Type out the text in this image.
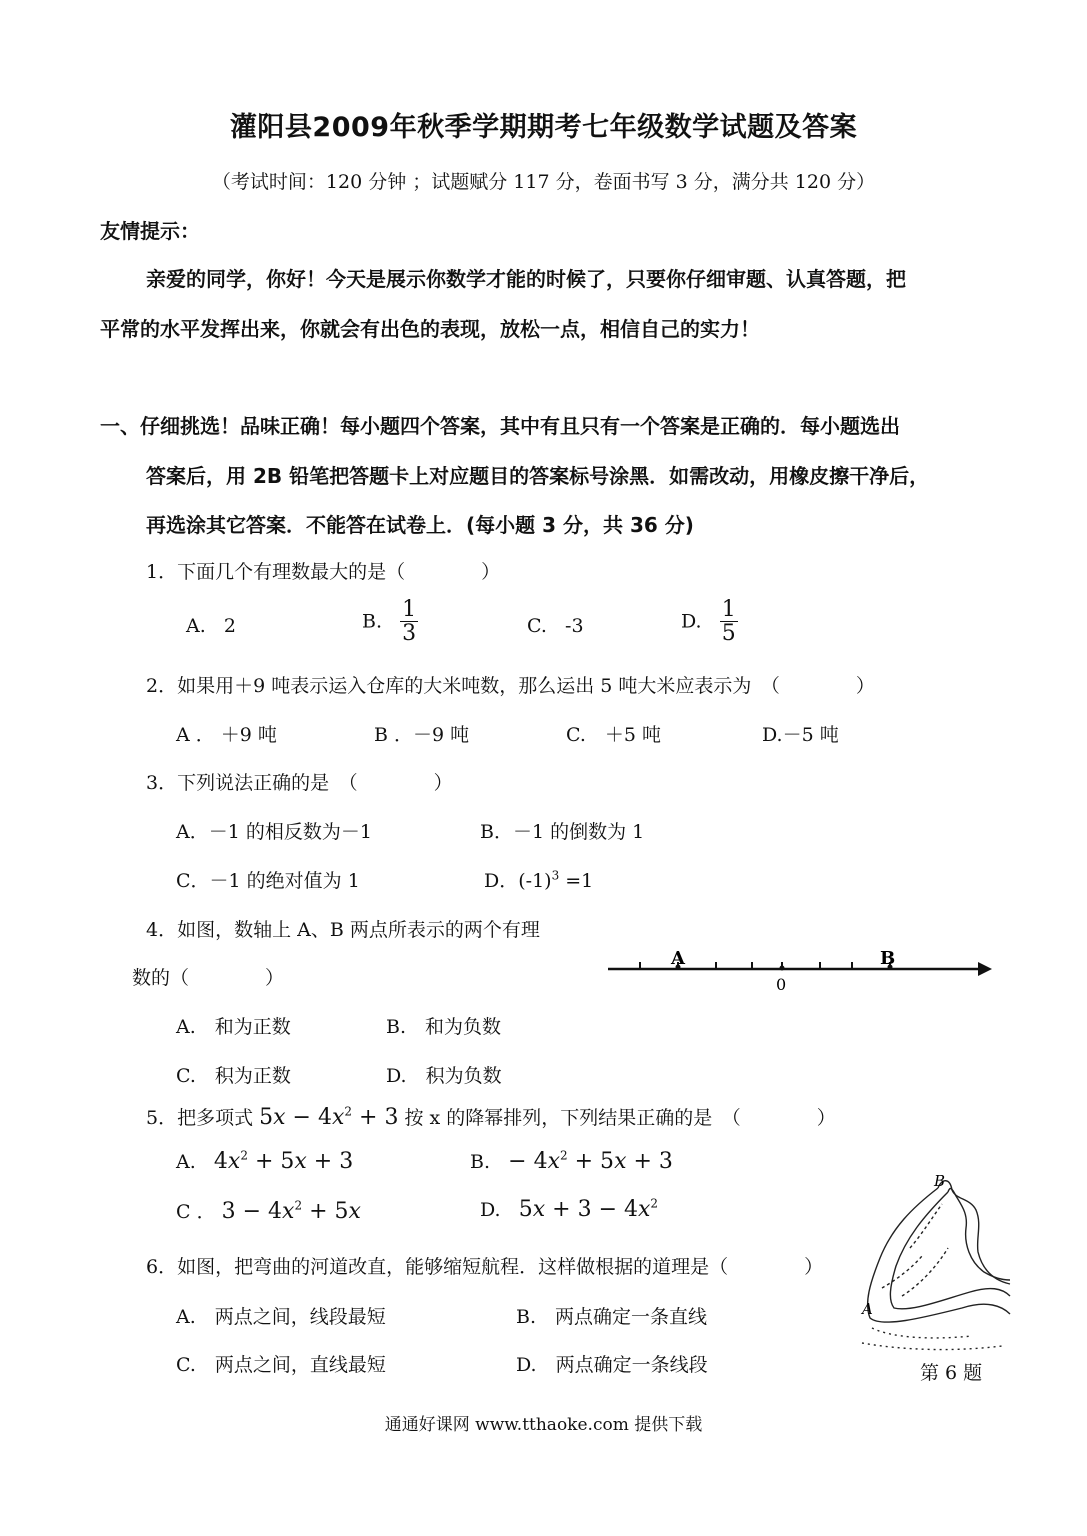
灌阳县2009年秋季学期期考七年级数学试题及答案
（考试时间：120 分钟 ；试题赋分 117 分，卷面书写 3 分，满分共 120 分）
友情提示：
亲爱的同学，你好！今天是展示你数学才能的时候了，只要你仔细审题、认真答题，把
平常的水平发挥出来，你就会有出色的表现，放松一点，相信自己的实力！
一、仔细挑选！品味正确！每小题四个答案，其中有且只有一个答案是正确的．每小题选出
答案后，用 2B 铅笔把答题卡上对应题目的答案标号涂黑．如需改动，用橡皮擦干净后，
再选涂其它答案．不能答在试卷上．(每小题 3 分，共 36 分)
1．下面几个有理数最大的是（　　　　）
A. 2	B. $\frac{1}{3}$	C. -3	D. $\frac{1}{5}$
2．如果用＋9 吨表示运入仓库的大米吨数，那么运出 5 吨大米应表示为　（　　　　）
A ． ＋9 吨	B ．－9 吨	C.　＋5 吨	D.－5 吨
3．下列说法正确的是　（　　　　）
A．－1 的相反数为－1	B．－1 的倒数为 1
C．－1 的绝对值为 1	D．$(-1)^3 =1$
4．如图，数轴上 A、B 两点所表示的两个有理
数的（　　　　）
A	B
0
A.　和为正数	B.　和为负数
C.　积为正数	D.　积为负数
5．把多项式 $5x - 4x^2 + 3$ 按 x 的降幂排列，下列结果正确的是　（　　　　）
A. $4x^2 + 5x + 3$	B. − $4x^2 + 5x + 3$
C ． $3 - 4x^2 + 5x$	D. $5x + 3 - 4x^2$
6．如图，把弯曲的河道改直，能够缩短航程．这样做根据的道理是（　　　　）
A.　两点之间，线段最短	B.　两点确定一条直线
C.　两点之间，直线最短	D.　两点确定一条线段
B
A
第 6 题
通通好课网 www.tthaoke.com 提供下载
